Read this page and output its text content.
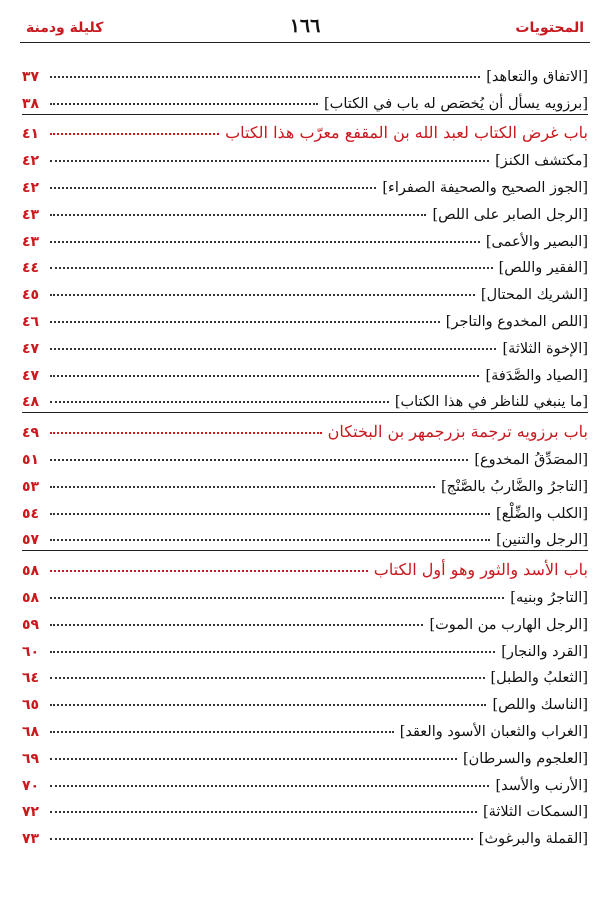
كليلة ودمنة	١٦٦	المحتويات
[الاتفاق والتعاهد]
٣٧
[برزويه يسأل أن يُخصَص له باب في الكتاب]
٣٨
باب غرض الكتاب لعبد الله بن المقفع معرّب هذا الكتاب
٤١
[مكتشف الكنز]
٤٢
[الجوز الصحيح والصحيفة الصفراء]
٤٢
[الرجل الصابر على اللص]
٤٣
[البصير والأعمى]
٤٣
[الفقير واللص]
٤٤
[الشريك المحتال]
٤٥
[اللص المخدوع والتاجر]
٤٦
[الإخوة الثلاثة]
٤٧
[الصياد والصَّدَفة]
٤٧
[ما ينبغي للناظر في هذا الكتاب]
٤٨
باب برزويه ترجمة بزرجمهر بن البختكان
٤٩
[المصَدِّقُ المخدوع]
٥١
[التاجرُ والضَّاربُ بالصَّنْج]
٥٣
[الكلب والضِّلْع]
٥٤
[الرجل والتنين]
٥٧
باب الأسد والثور وهو أول الكتاب
٥٨
[التاجرُ وبنيه]
٥٨
[الرجل الهارب من الموت]
٥٩
[القرد والنجار]
٦٠
[الثعلبُ والطبل]
٦٤
[الناسك واللص]
٦٥
[الغراب والثعبان الأسود والعقد]
٦٨
[العلجوم والسرطان]
٦٩
[الأرنب والأسد]
٧٠
[السمكات الثلاثة]
٧٢
[القملة والبرغوث]
٧٣
